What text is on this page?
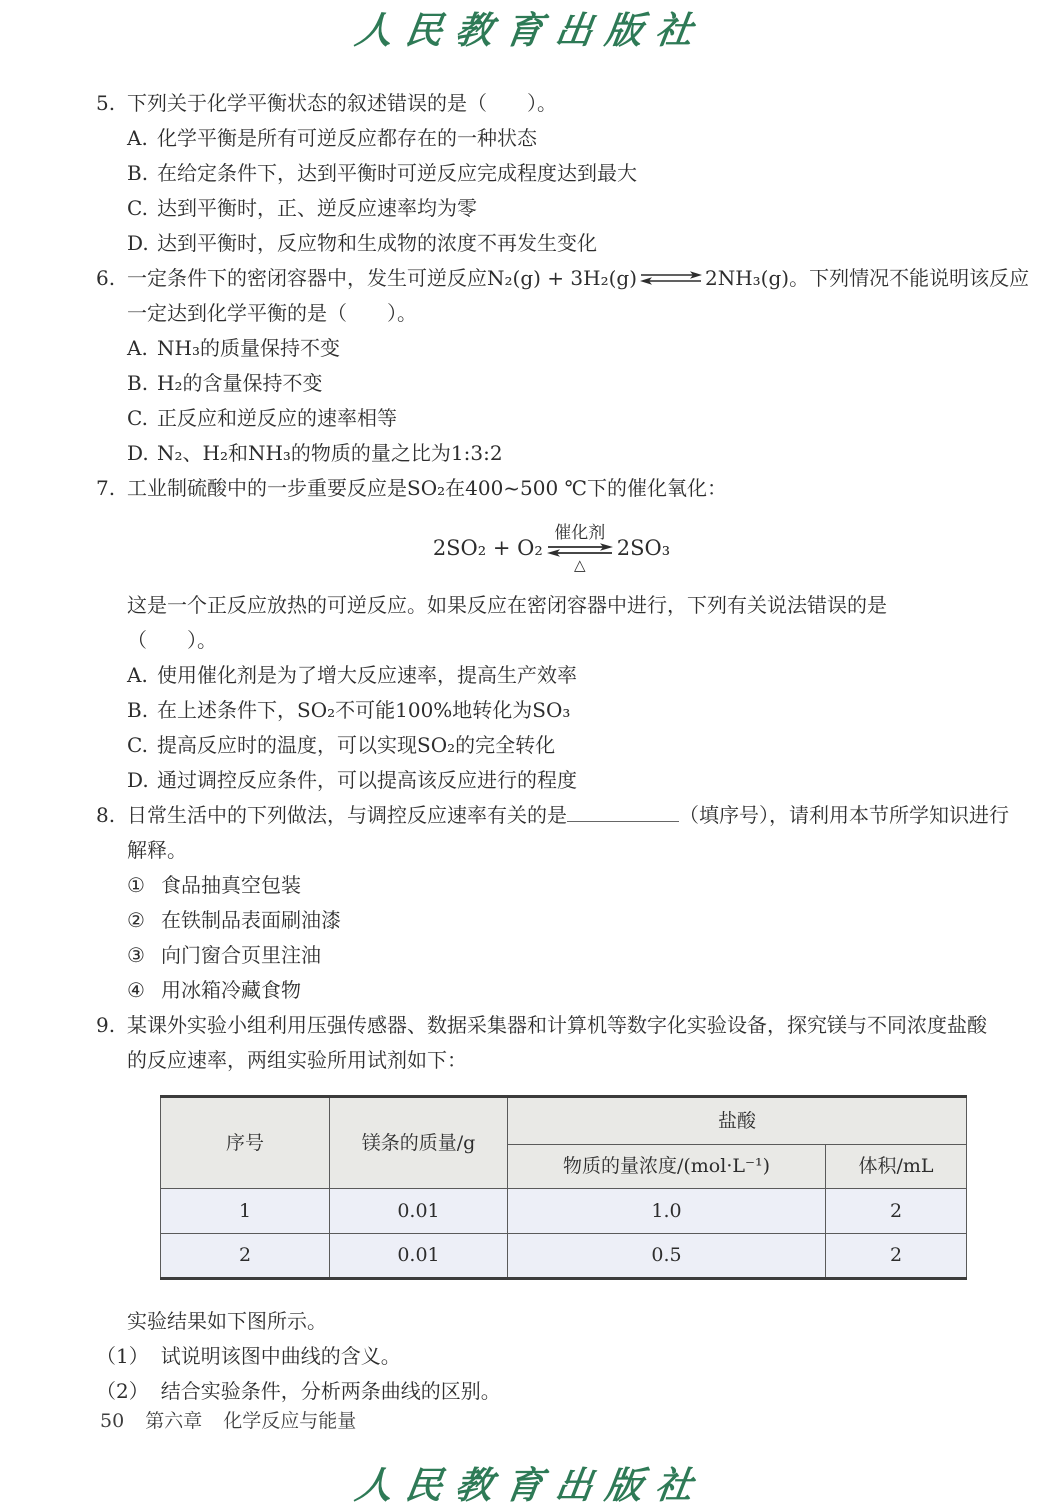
人民教育出版社
5. 下列关于化学平衡状态的叙述错误的是（　　）。
A. 化学平衡是所有可逆反应都存在的一种状态
B. 在给定条件下，达到平衡时可逆反应完成程度达到最大
C. 达到平衡时，正、逆反应速率均为零
D. 达到平衡时，反应物和生成物的浓度不再发生变化
6. 一定条件下的密闭容器中，发生可逆反应N₂(g) + 3H₂(g) ⇌ 2NH₃(g)。下列情况不能说明该反应
一定达到化学平衡的是（　　）。
A. NH₃的质量保持不变
B. H₂的含量保持不变
C. 正反应和逆反应的速率相等
D. N₂、H₂和NH₃的物质的量之比为1:3:2
7. 工业制硫酸中的一步重要反应是SO₂在400~500 ℃下的催化氧化：
2SO₂ + O₂
催化剂
△
2SO₃
这是一个正反应放热的可逆反应。如果反应在密闭容器中进行，下列有关说法错误的是（　　）。
A. 使用催化剂是为了增大反应速率，提高生产效率
B. 在上述条件下，SO₂不可能100%地转化为SO₃
C. 提高反应时的温度，可以实现SO₂的完全转化
D. 通过调控反应条件，可以提高该反应进行的程度
8. 日常生活中的下列做法，与调控反应速率有关的是	（填序号），请利用本节所学知识进行
解释。
① 食品抽真空包装
② 在铁制品表面刷油漆
③ 向门窗合页里注油
④ 用冰箱冷藏食物
9. 某课外实验小组利用压强传感器、数据采集器和计算机等数字化实验设备，探究镁与不同浓度盐酸
的反应速率，两组实验所用试剂如下：
序号	镁条的质量/g	盐酸	
		物质的量浓度/(mol·L⁻¹)	体积/mL
1	0.01	1.0	2
2	0.01	0.5	2
实验结果如下图所示。
（1） 试说明该图中曲线的含义。
（2） 结合实验条件，分析两条曲线的区别。
50 第六章 化学反应与能量
人民教育出版社
